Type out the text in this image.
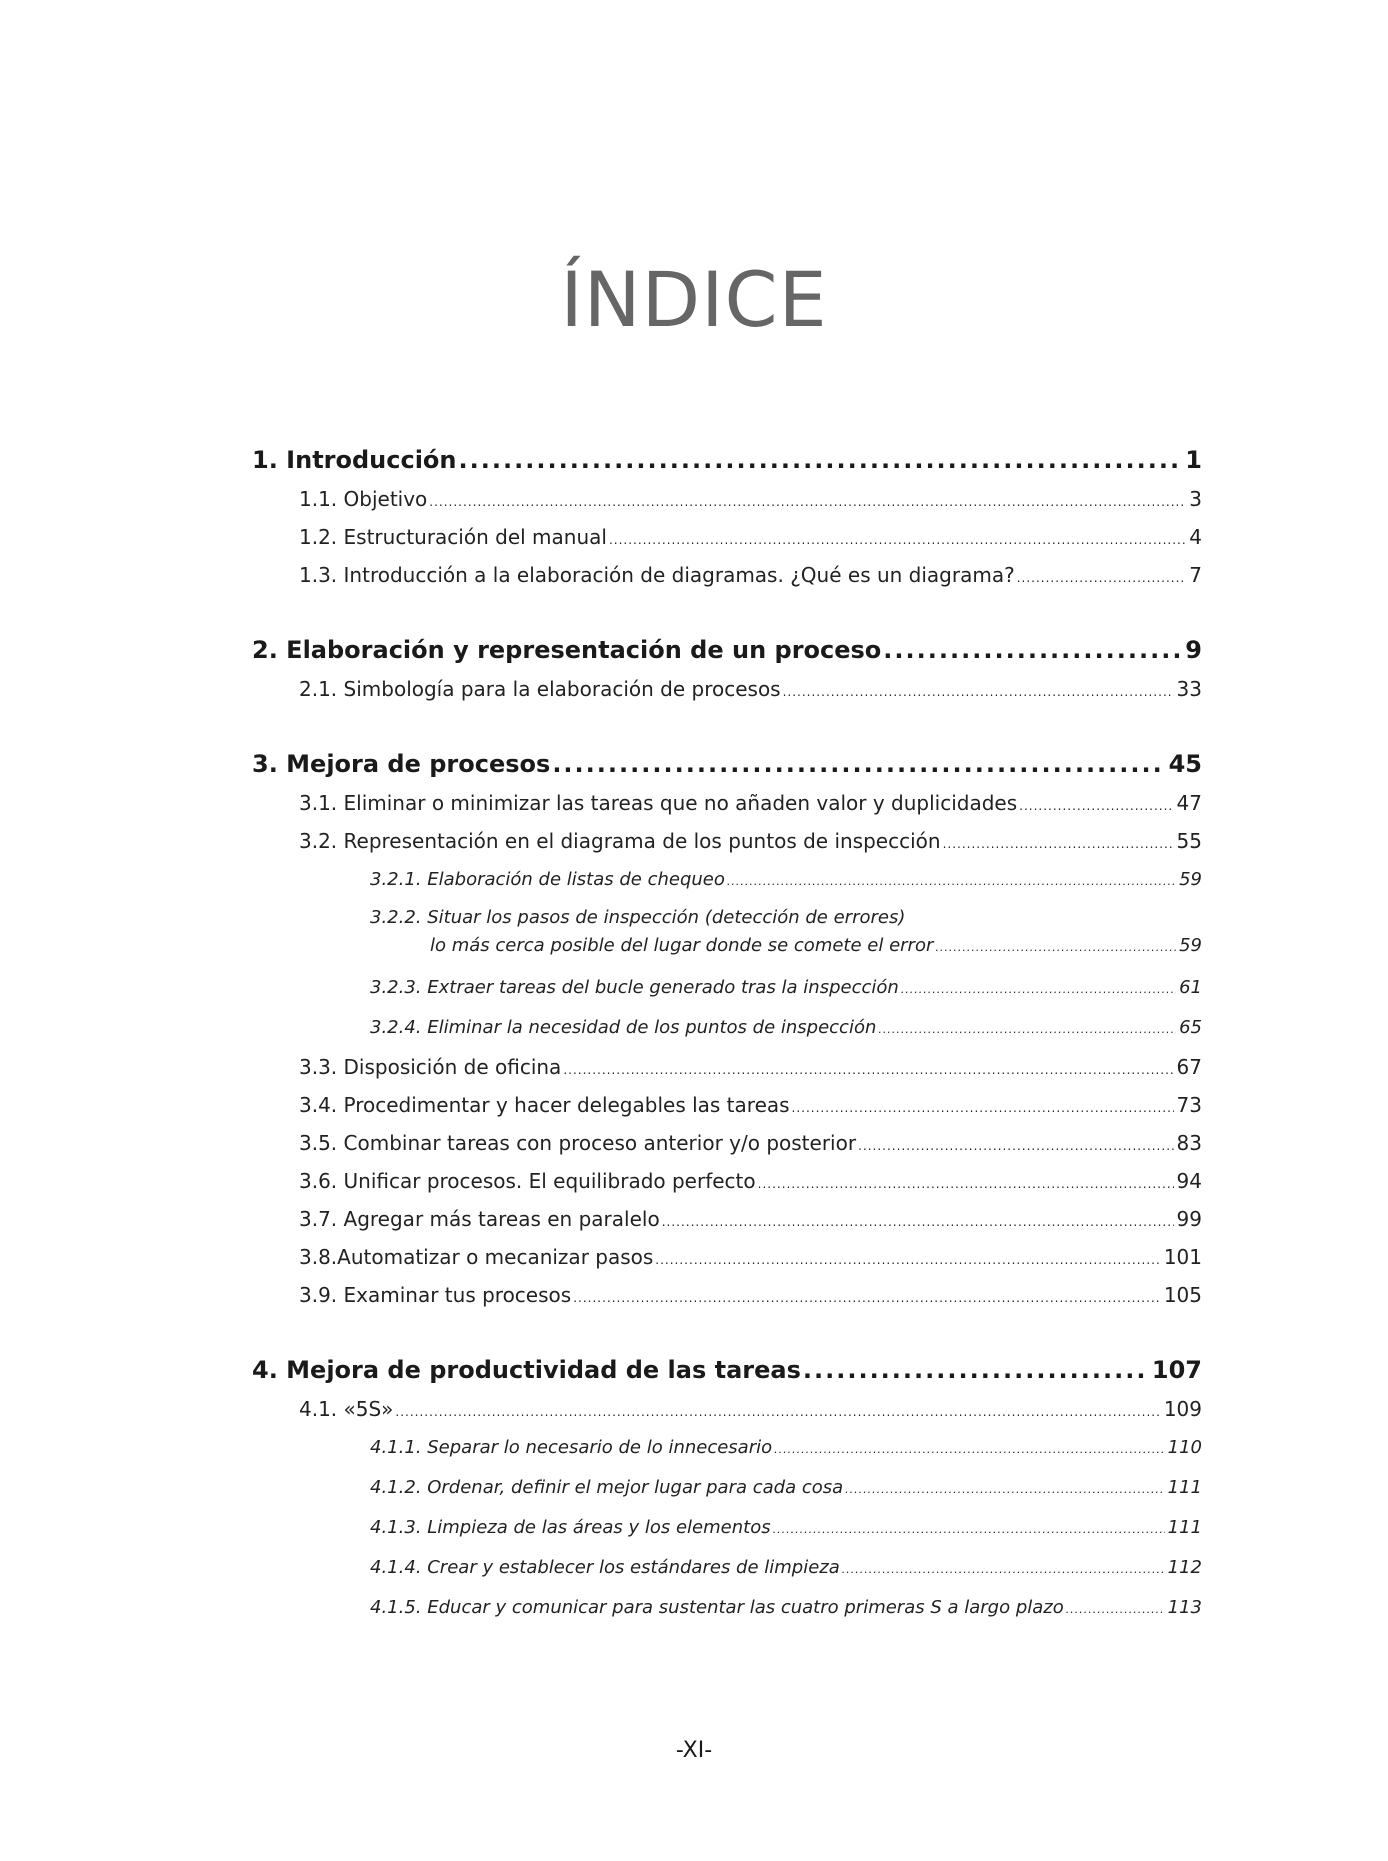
ÍNDICE
1. Introducción .....	1
1.1. Objetivo .....	3
1.2. Estructuración del manual .....	4
1.3. Introducción a la elaboración de diagramas. ¿Qué es un diagrama? .....	7
2. Elaboración y representación de un proceso .....	9
2.1. Simbología para la elaboración de procesos .....	33
3. Mejora de procesos .....	45
3.1. Eliminar o minimizar las tareas que no añaden valor y duplicidades .....	47
3.2. Representación en el diagrama de los puntos de inspección .....	55
3.2.1. Elaboración de listas de chequeo .....	59
3.2.2. Situar los pasos de inspección (detección de errores)
lo más cerca posible del lugar donde se comete el error .....	59
3.2.3. Extraer tareas del bucle generado tras la inspección .....	61
3.2.4. Eliminar la necesidad de los puntos de inspección .....	65
3.3. Disposición de oficina .....	67
3.4. Procedimentar y hacer delegables las tareas .....	73
3.5. Combinar tareas con proceso anterior y/o posterior .....	83
3.6. Unificar procesos. El equilibrado perfecto .....	94
3.7. Agregar más tareas en paralelo .....	99
3.8.Automatizar o mecanizar pasos .....	101
3.9. Examinar tus procesos .....	105
4. Mejora de productividad de las tareas .....	107
4.1. «5S» .....	109
4.1.1. Separar lo necesario de lo innecesario .....	110
4.1.2. Ordenar, definir el mejor lugar para cada cosa .....	111
4.1.3. Limpieza de las áreas y los elementos .....	111
4.1.4. Crear y establecer los estándares de limpieza .....	112
4.1.5. Educar y comunicar para sustentar las cuatro primeras S a largo plazo .....	113
-XI-
